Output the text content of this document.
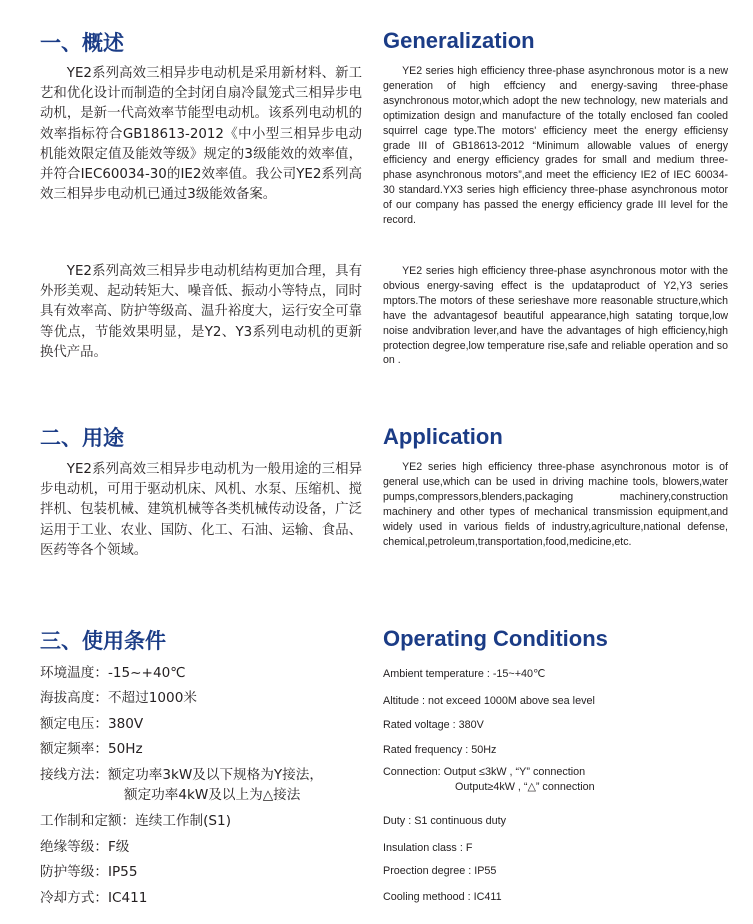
一、概述

YE2系列高效三相异步电动机是采用新材料、新工艺和优化设计而制造的全封闭自扇冷鼠笼式三相异步电动机，是新一代高效率节能型电动机。该系列电动机的效率指标符合GB18613-2012《中小型三相异步电动机能效限定值及能效等级》规定的3级能效的效率值，并符合IEC60034-30的IE2效率值。我公司YE2系列高效三相异步电动机已通过3级能效备案。

YE2系列高效三相异步电动机结构更加合理，具有外形美观、起动转矩大、噪音低、振动小等特点，同时具有效率高、防护等级高、温升裕度大，运行安全可靠等优点，节能效果明显，是Y2、Y3系列电动机的更新换代产品。

二、用途

YE2系列高效三相异步电动机为一般用途的三相异步电动机，可用于驱动机床、风机、水泵、压缩机、搅拌机、包装机械、建筑机械等各类机械传动设备，广泛运用于工业、农业、国防、化工、石油、运输、食品、医药等各个领域。

三、使用条件
环境温度：-15~+40℃
海拔高度：不超过1000米
额定电压：380V
额定频率：50Hz
接线方法：额定功率3kW及以下规格为Y接法，
额定功率4kW及以上为△接法
工作制和定额：连续工作制(S1)
绝缘等级：F级
防护等级：IP55
冷却方式：IC411
Generalization

YE2 series high efficiency three-phase asynchronous motor is a new generation of high effciency and energy-saving three-phase asynchronous motor,which adopt the new technology, new materials and optimization design and manufacture of the totally enclosed fan cooled squirrel cage type.The motors' efficiency meet the energy efficiensy grade III of GB18613-2012 “Minimum allowable values of energy efficiency and energy efficiency grades for small and medium three-phase asynchronous motors”,and meet the efficiency IE2 of IEC 60034-30 standard.YX3 series high efficiency three-phase asynchronous motor of our company has passed the energy efficiency grade III level for the record.

YE2 series high efficiency three-phase asynchronous motor with the obvious energy-saving effect is the updataproduct of Y2,Y3 series mptors.The motors of these serieshave more reasonable structure,which have the advantagesof beautiful appearance,high satating torque,low noise andvibration lever,and have the advantages of high efficiency,high protection degree,low temperature rise,safe and reliable operation and so on .

Application

YE2 series high efficiency three-phase asynchronous motor is of general use,which can be used in driving machine tools, blowers,water pumps,compressors,blenders,packaging machinery,construction machinery and other types of mechanical transmission equipment,and widely used in various fields of industry,agriculture,national defense, chemical,petroleum,transportation,food,medicine,etc.

Operating Conditions
Ambient temperature : -15~+40℃
Altitude : not exceed 1000M above sea level
Rated voltage : 380V
Rated frequency : 50Hz
Connection: Output ≤3kW , “Y” connection
Output≥4kW , “△” connection
Duty : S1 continuous duty
Insulation class : F
Proection degree : IP55
Cooling methood : IC411
